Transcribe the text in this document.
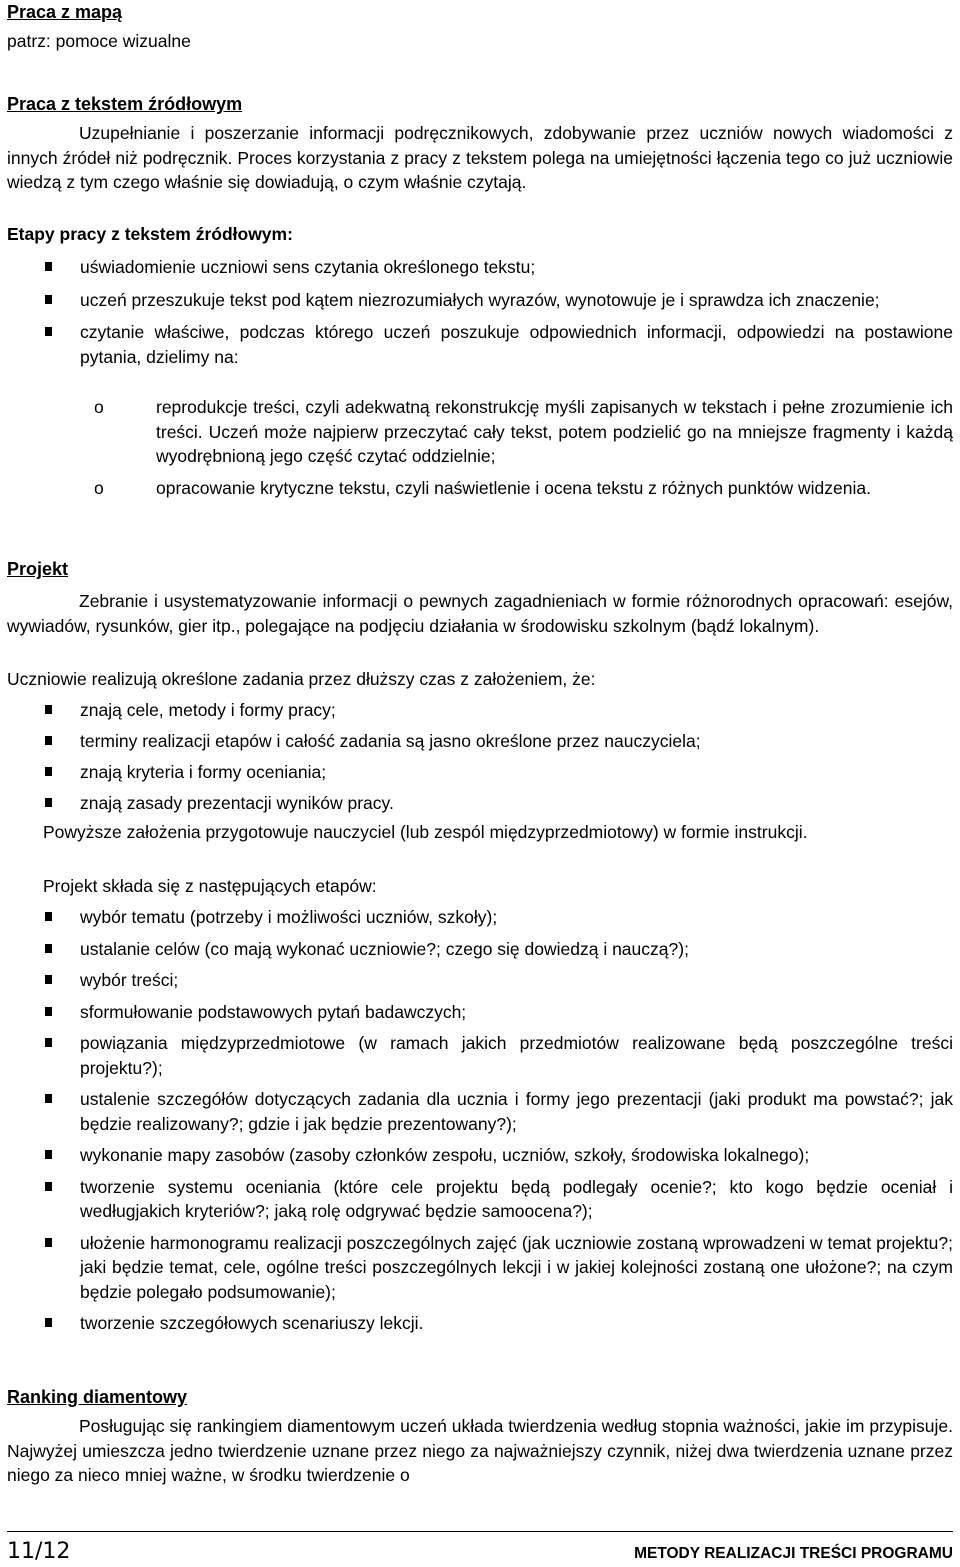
Praca z mapą
patrz: pomoce wizualne
Praca z tekstem źródłowym
Uzupełnianie i poszerzanie informacji podręcznikowych, zdobywanie przez uczniów nowych wiadomości z innych źródeł niż podręcznik. Proces korzystania z pracy z tekstem polega na umiejętności łączenia tego co już uczniowie wiedzą z tym czego właśnie się dowiadują, o czym właśnie czytają.
Etapy pracy z tekstem źródłowym:
uświadomienie uczniowi sens czytania określonego tekstu;
uczeń przeszukuje tekst pod kątem niezrozumiałych wyrazów, wynotowuje je i sprawdza ich znaczenie;
czytanie właściwe, podczas którego uczeń poszukuje odpowiednich informacji, odpowiedzi na postawione pytania, dzielimy na:
o	reprodukcje treści, czyli adekwatną rekonstrukcję myśli zapisanych w tekstach i pełne zrozumienie ich treści. Uczeń może najpierw przeczytać cały tekst, potem podzielić go na mniejsze fragmenty i każdą wyodrębnioną jego część czytać oddzielnie;
o	opracowanie krytyczne tekstu, czyli naświetlenie i ocena tekstu z różnych punktów widzenia.
Projekt
Zebranie i usystematyzowanie informacji o pewnych zagadnieniach w formie różnorodnych opracowań: esejów, wywiadów, rysunków, gier itp., polegające na podjęciu działania w środowisku szkolnym (bądź lokalnym).
Uczniowie realizują określone zadania przez dłuższy czas z założeniem, że:
znają cele, metody i formy pracy;
terminy realizacji etapów i całość zadania są jasno określone przez nauczyciela;
znają kryteria i formy oceniania;
znają zasady prezentacji wyników pracy.
Powyższe założenia przygotowuje nauczyciel (lub zespól międzyprzedmiotowy) w formie instrukcji.
Projekt składa się z następujących etapów:
wybór tematu (potrzeby i możliwości uczniów, szkoły);
ustalanie celów (co mają wykonać uczniowie?; czego się dowiedzą i nauczą?);
wybór treści;
sformułowanie podstawowych pytań badawczych;
powiązania międzyprzedmiotowe (w ramach jakich przedmiotów realizowane będą poszczególne treści projektu?);
ustalenie szczegółów dotyczących zadania dla ucznia i formy jego prezentacji (jaki produkt ma powstać?; jak będzie realizowany?; gdzie i jak będzie prezentowany?);
wykonanie mapy zasobów (zasoby członków zespołu, uczniów, szkoły, środowiska lokalnego);
tworzenie systemu oceniania (które cele projektu będą podlegały ocenie?; kto kogo będzie oceniał i wedługjakich kryteriów?; jaką rolę odgrywać będzie samoocena?);
ułożenie harmonogramu realizacji poszczególnych zajęć (jak uczniowie zostaną wprowadzeni w temat projektu?; jaki będzie temat, cele, ogólne treści poszczególnych lekcji i w jakiej kolejności zostaną one ułożone?; na czym będzie polegało podsumowanie);
tworzenie szczegółowych scenariuszy lekcji.
Ranking diamentowy
Posługując się rankingiem diamentowym uczeń układa twierdzenia według stopnia ważności, jakie im przypisuje. Najwyżej umieszcza jedno twierdzenie uznane przez niego za najważniejszy czynnik, niżej dwa twierdzenia uznane przez niego za nieco mniej ważne, w środku twierdzenie o
11/12	METODY REALIZACJI TREŚCI PROGRAMU
